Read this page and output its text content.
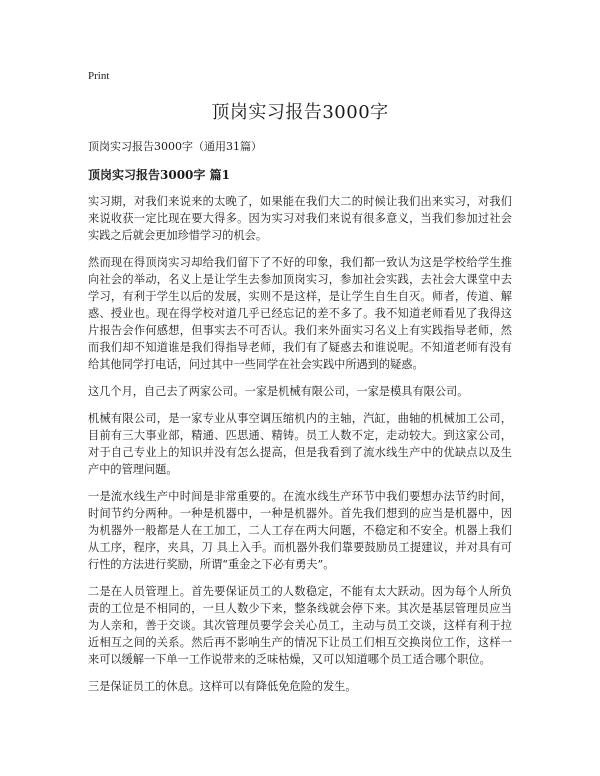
Print
顶岗实习报告3000字
顶岗实习报告3000字（通用31篇）
顶岗实习报告3000字 篇1

实习期，对我们来说来的太晚了，如果能在我们大二的时候让我们出来实习，对我们来说收获一定比现在要大得多。因为实习对我们来说有很多意义，当我们参加过社会实践之后就会更加珍惜学习的机会。

然而现在得顶岗实习却给我们留下了不好的印象，我们都一致认为这是学校给学生推向社会的举动，名义上是让学生去参加顶岗实习，参加社会实践，去社会大课堂中去学习，有利于学生以后的发展，实则不是这样，是让学生自生自灭。师者，传道、解惑、授业也。现在得学校对道几乎已经忘记的差不多了。我不知道老师看见了我得这片报告会作何感想，但事实去不可否认。我们来外面实习名义上有实践指导老师，然而我们却不知道谁是我们得指导老师，我们有了疑惑去和谁说呢。不知道老师有没有给其他同学打电话，问过其中一些同学在社会实践中所遇到的疑惑。

这几个月，自己去了两家公司。一家是机械有限公司，一家是模具有限公司。

机械有限公司，是一家专业从事空调压缩机内的主轴，汽缸，曲轴的机械加工公司，目前有三大事业部，精通、匹思通、精铸。员工人数不定，走动较大。到这家公司，对于自己专业上的知识并没有怎么提高，但是我看到了流水线生产中的优缺点以及生产中的管理问题。

一是流水线生产中时间是非常重要的。在流水线生产环节中我们要想办法节约时间，时间节约分两种。一种是机器中，一种是机器外。首先我们想到的应当是机器中，因为机器外一般都是人在工加工，二人工存在两大问题，不稳定和不安全。机器上我们从工序，程序，夹具，刀 具上入手。而机器外我们靠要鼓励员工提建议，并对具有可行性的方法进行奖励，所谓“重金之下必有勇夫”。

二是在人员管理上。首先要保证员工的人数稳定，不能有太大跃动。因为每个人所负责的工位是不相同的，一旦人数少下来，整条线就会停下来。其次是基层管理员应当为人亲和，善于交谈。其次管理员要学会关心员工，主动与员工交谈，这样有利于拉近相互之间的关系。然后再不影响生产的情况下让员工们相互交换岗位工作，这样一来可以缓解一下单一工作说带来的乏味枯燥，又可以知道哪个员工适合哪个职位。

三是保证员工的休息。这样可以有降低免危险的发生。
